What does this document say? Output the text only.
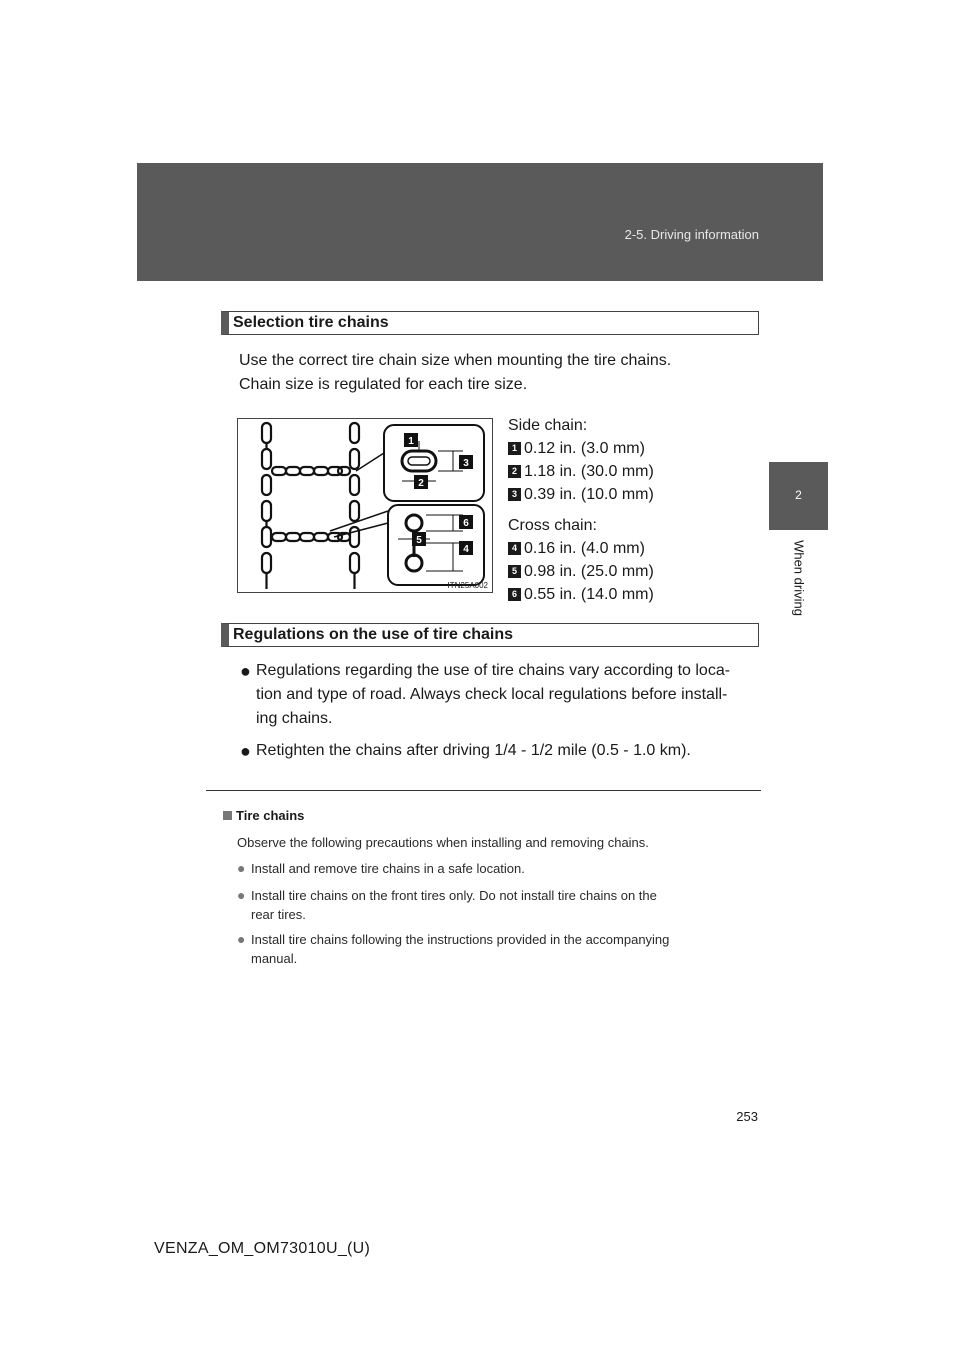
2-5. Driving information
2
When driving
Selection tire chains
Use the correct tire chain size when mounting the tire chains.
Chain size is regulated for each tire size.
1
3
2
6
5
4
ITN25A002
Side chain:
1 0.12 in. (3.0 mm)
2 1.18 in. (30.0 mm)
3 0.39 in. (10.0 mm)
Cross chain:
4 0.16 in. (4.0 mm)
5 0.98 in. (25.0 mm)
6 0.55 in. (14.0 mm)
Regulations on the use of tire chains
● Regulations regarding the use of tire chains vary according to loca-
tion and type of road. Always check local regulations before install-
ing chains.
● Retighten the chains after driving 1/4 - 1/2 mile (0.5 - 1.0 km).
Tire chains
Observe the following precautions when installing and removing chains.
● Install and remove tire chains in a safe location.
● Install tire chains on the front tires only. Do not install tire chains on the
rear tires.
● Install tire chains following the instructions provided in the accompanying
manual.
253
VENZA_OM_OM73010U_(U)
